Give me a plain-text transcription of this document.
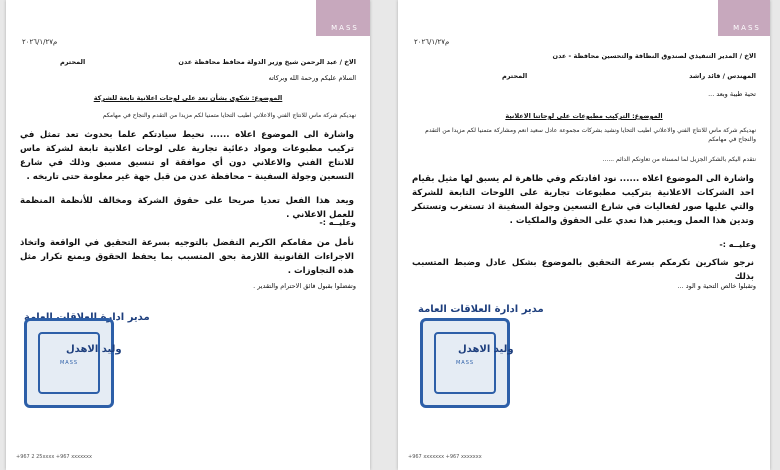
MASS
م٢٠٢٦/١/٢٧
الاخ / عبد الرحمن شيخ وزير الدولة محافظ محافظة عدن
المحترم
السلام عليكم ورحمة الله وبركاته
الموضوع: شكوى بشأن تعد على لوحات اعلانية تابعة للشركة
نهديكم شركة ماس للانتاج الفني والاعلاني اطيب التحايا متمنيا لكم مزيدا من التقدم والنجاح في مهامكم
واشارة الى الموضوع اعلاه ...... نحيط سيادتكم علما بحدوث تعد تمثل في تركيب مطبوعات ومواد دعائية تجارية على لوحات اعلانية تابعة لشركة ماس للانتاج الفني والاعلاني دون أي موافقة او تنسيق مسبق وذلك في شارع التسعين وجولة السفينة – محافظة عدن من قبل جهة غير معلومة حتى تاريخه .
ويعد هذا الفعل تعديا صريحا على حقوق الشركة ومخالف للأنظمة المنظمة للعمل الاعلاني .
وعليــه :-
نأمل من مقامكم الكريم التفضل بالتوجيه بسرعة التحقيق في الواقعة واتخاذ الاجراءات القانونية اللازمة بحق المتسبب بما يحفظ الحقوق ويمنع تكرار مثل هذه التجاوزات .
وتفضلوا بقبول فائق الاحترام والتقدير .
مدير ادارة العلاقات العامة
MASS
وليد الاهدل
+967 2 25xxxx +967 xxxxxxx
MASS
م٢٠٢٦/١/٢٧
الاخ / المدير التنفيذي لصندوق النظافة والتحسين محافظة - عدن
المهندس / قائد راشد
المحترم
تحية طيبة وبعد ...
الموضوع: التركيب مطبوعات على لوحاتنا الاعلانية
نهديكم شركة ماس للانتاج الفني والاعلاني اطيب التحايا ونشيد بشركات مجموعة عادل سعيد انعم ومشاركة متمنيا لكم مزيدا من التقدم والنجاح في مهامكم
نتقدم اليكم بالشكر الجزيل لما لمسناه من تعاونكم الدائم ......
واشارة الى الموضوع اعلاه ...... نود افادتكم وفي ظاهرة لم يسبق لها مثيل بقيام احد الشركات الاعلانية بتركيب مطبوعات تجارية على اللوحات التابعة للشركة والتي عليها صور لفعاليات في شارع التسعين وجولة السفينة اذ تستغرب وتستنكر وتدين هذا العمل ويعتبر هذا تعدي على الحقوق والملكيات .
وعليــه :-
نرجو شاكرين تكرمكم بسرعة التحقيق بالموضوع بشكل عادل وضبط المتسبب بذلك
وتقبلوا خالص التحية و الود ...
مدير ادارة العلاقات العامة
MASS
وليد الاهدل
+967 xxxxxxx +967 xxxxxxx
